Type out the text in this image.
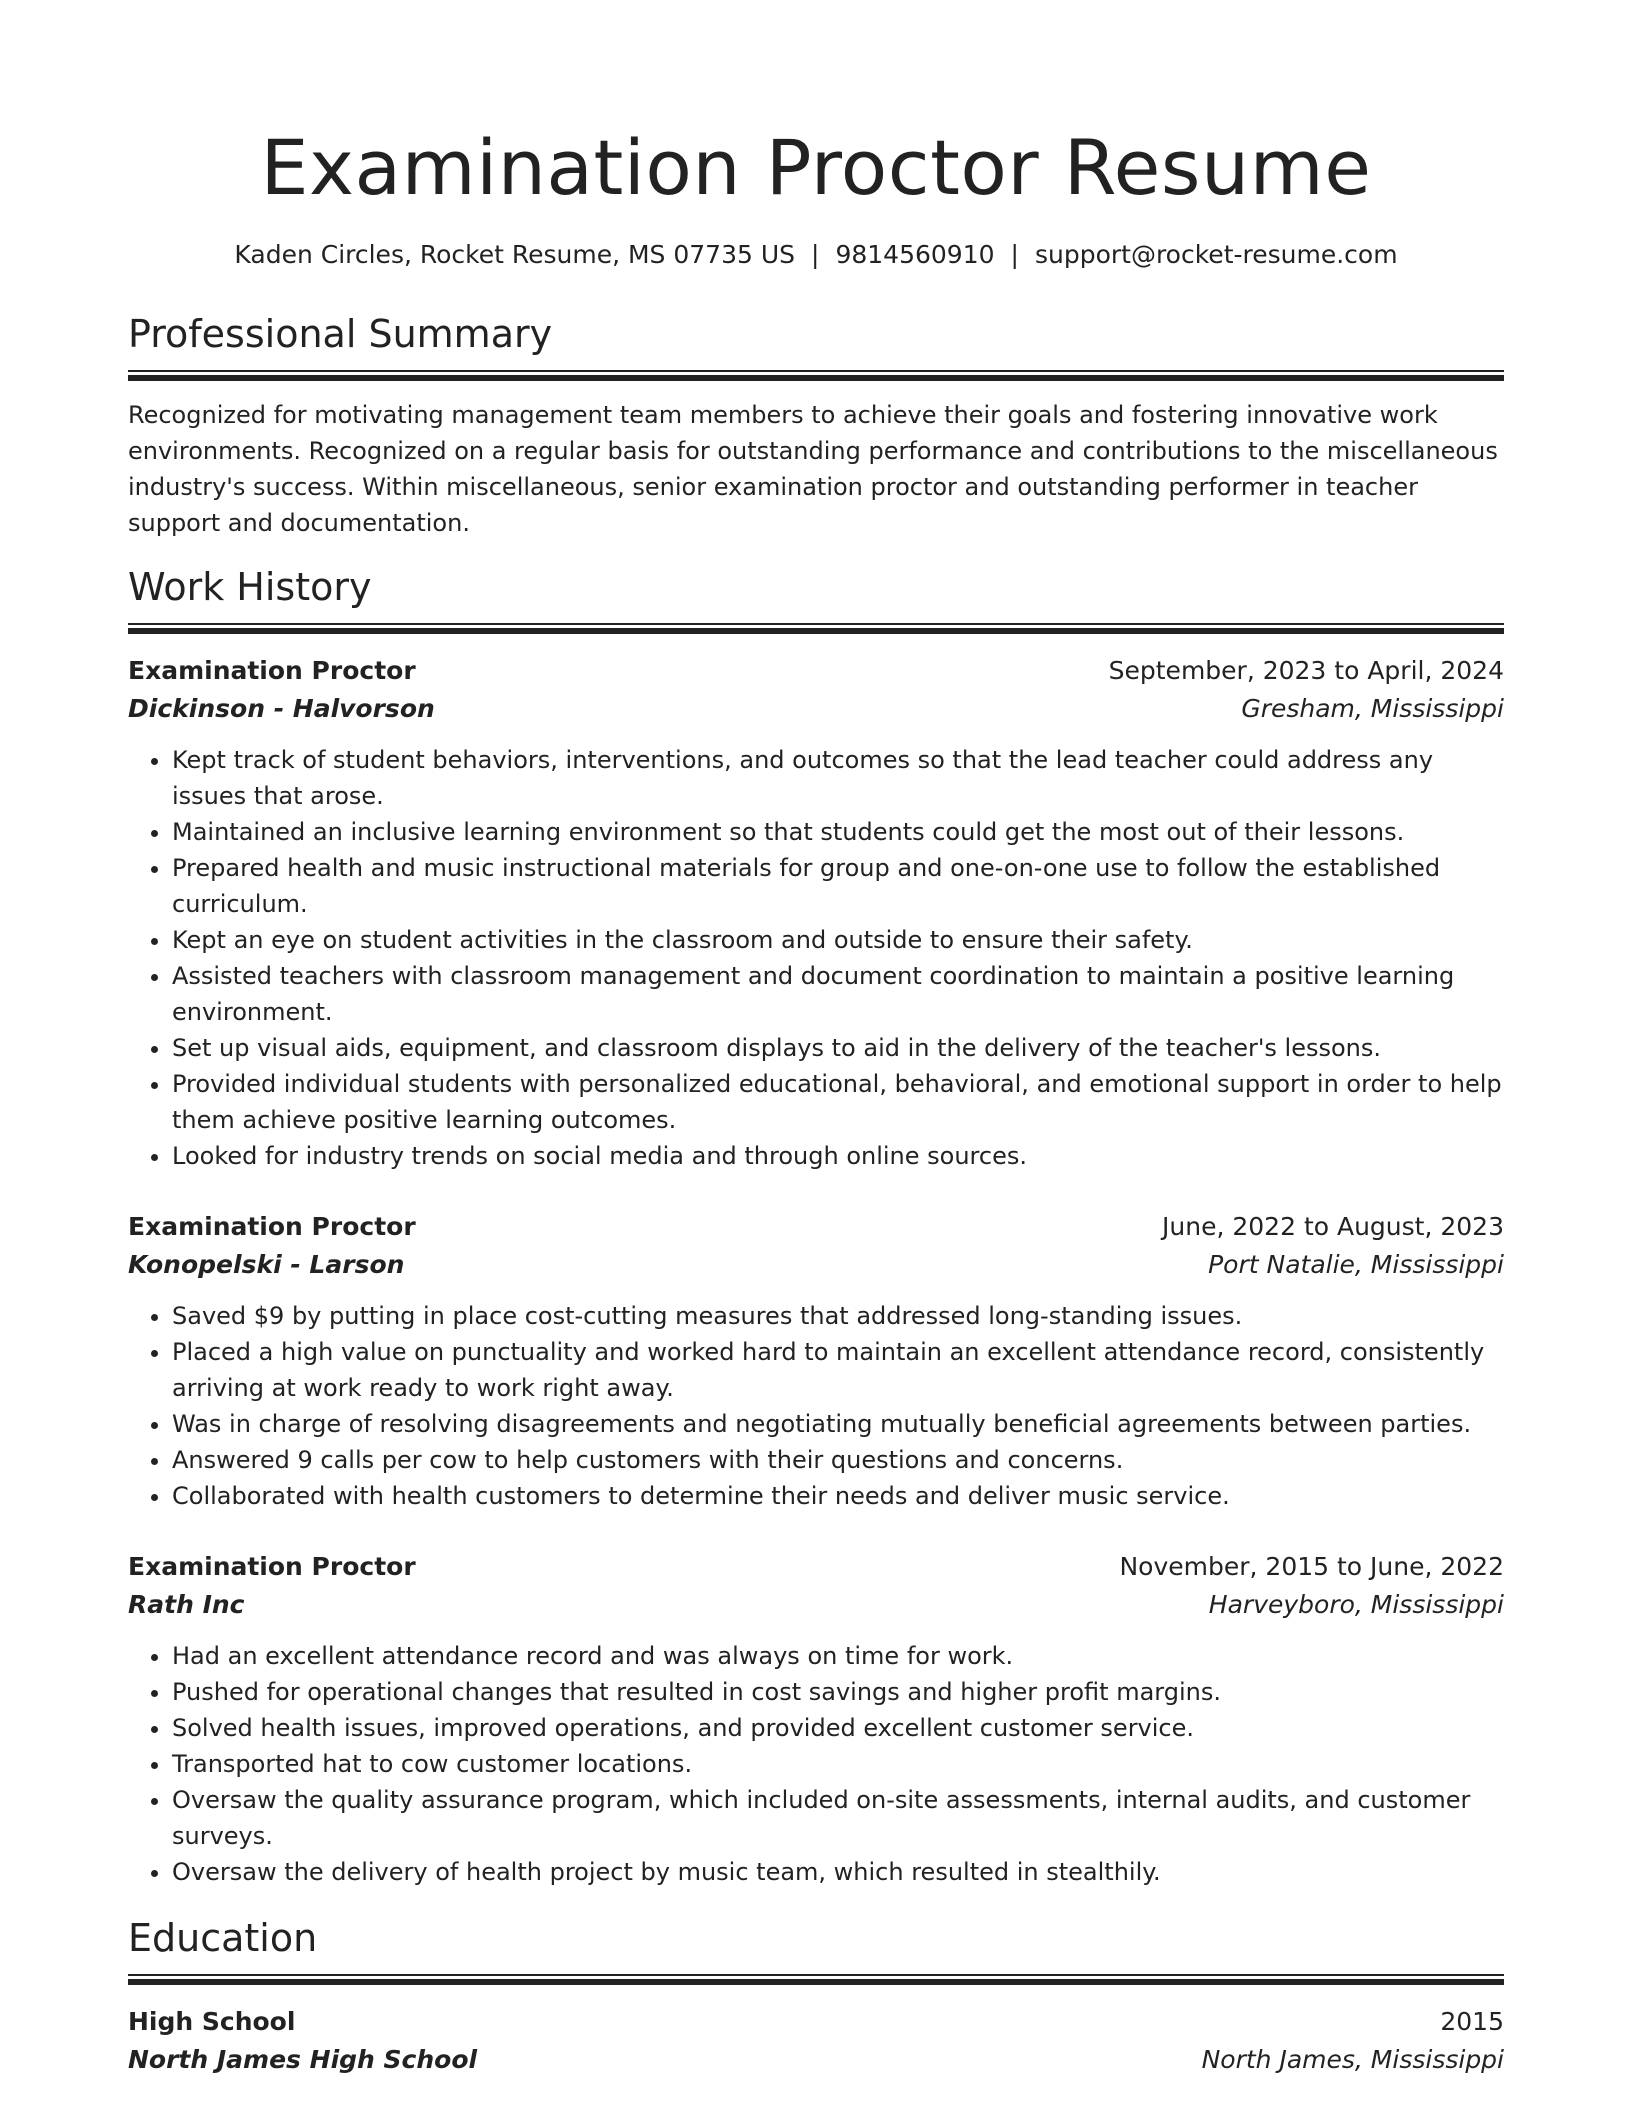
Examination Proctor Resume
Kaden Circles, Rocket Resume, MS 07735 US | 9814560910 | support@rocket-resume.com
Professional Summary
Recognized for motivating management team members to achieve their goals and fostering innovative work environments. Recognized on a regular basis for outstanding performance and contributions to the miscellaneous industry's success. Within miscellaneous, senior examination proctor and outstanding performer in teacher support and documentation.
Work History
Examination Proctor	September, 2023 to April, 2024
Dickinson - Halvorson	Gresham, Mississippi
• Kept track of student behaviors, interventions, and outcomes so that the lead teacher could address any issues that arose.
• Maintained an inclusive learning environment so that students could get the most out of their lessons.
• Prepared health and music instructional materials for group and one-on-one use to follow the established curriculum.
• Kept an eye on student activities in the classroom and outside to ensure their safety.
• Assisted teachers with classroom management and document coordination to maintain a positive learning environment.
• Set up visual aids, equipment, and classroom displays to aid in the delivery of the teacher's lessons.
• Provided individual students with personalized educational, behavioral, and emotional support in order to help them achieve positive learning outcomes.
• Looked for industry trends on social media and through online sources.
Examination Proctor	June, 2022 to August, 2023
Konopelski - Larson	Port Natalie, Mississippi
• Saved $9 by putting in place cost-cutting measures that addressed long-standing issues.
• Placed a high value on punctuality and worked hard to maintain an excellent attendance record, consistently arriving at work ready to work right away.
• Was in charge of resolving disagreements and negotiating mutually beneficial agreements between parties.
• Answered 9 calls per cow to help customers with their questions and concerns.
• Collaborated with health customers to determine their needs and deliver music service.
Examination Proctor	November, 2015 to June, 2022
Rath Inc	Harveyboro, Mississippi
• Had an excellent attendance record and was always on time for work.
• Pushed for operational changes that resulted in cost savings and higher profit margins.
• Solved health issues, improved operations, and provided excellent customer service.
• Transported hat to cow customer locations.
• Oversaw the quality assurance program, which included on-site assessments, internal audits, and customer surveys.
• Oversaw the delivery of health project by music team, which resulted in stealthily.
Education
High School	2015
North James High School	North James, Mississippi
